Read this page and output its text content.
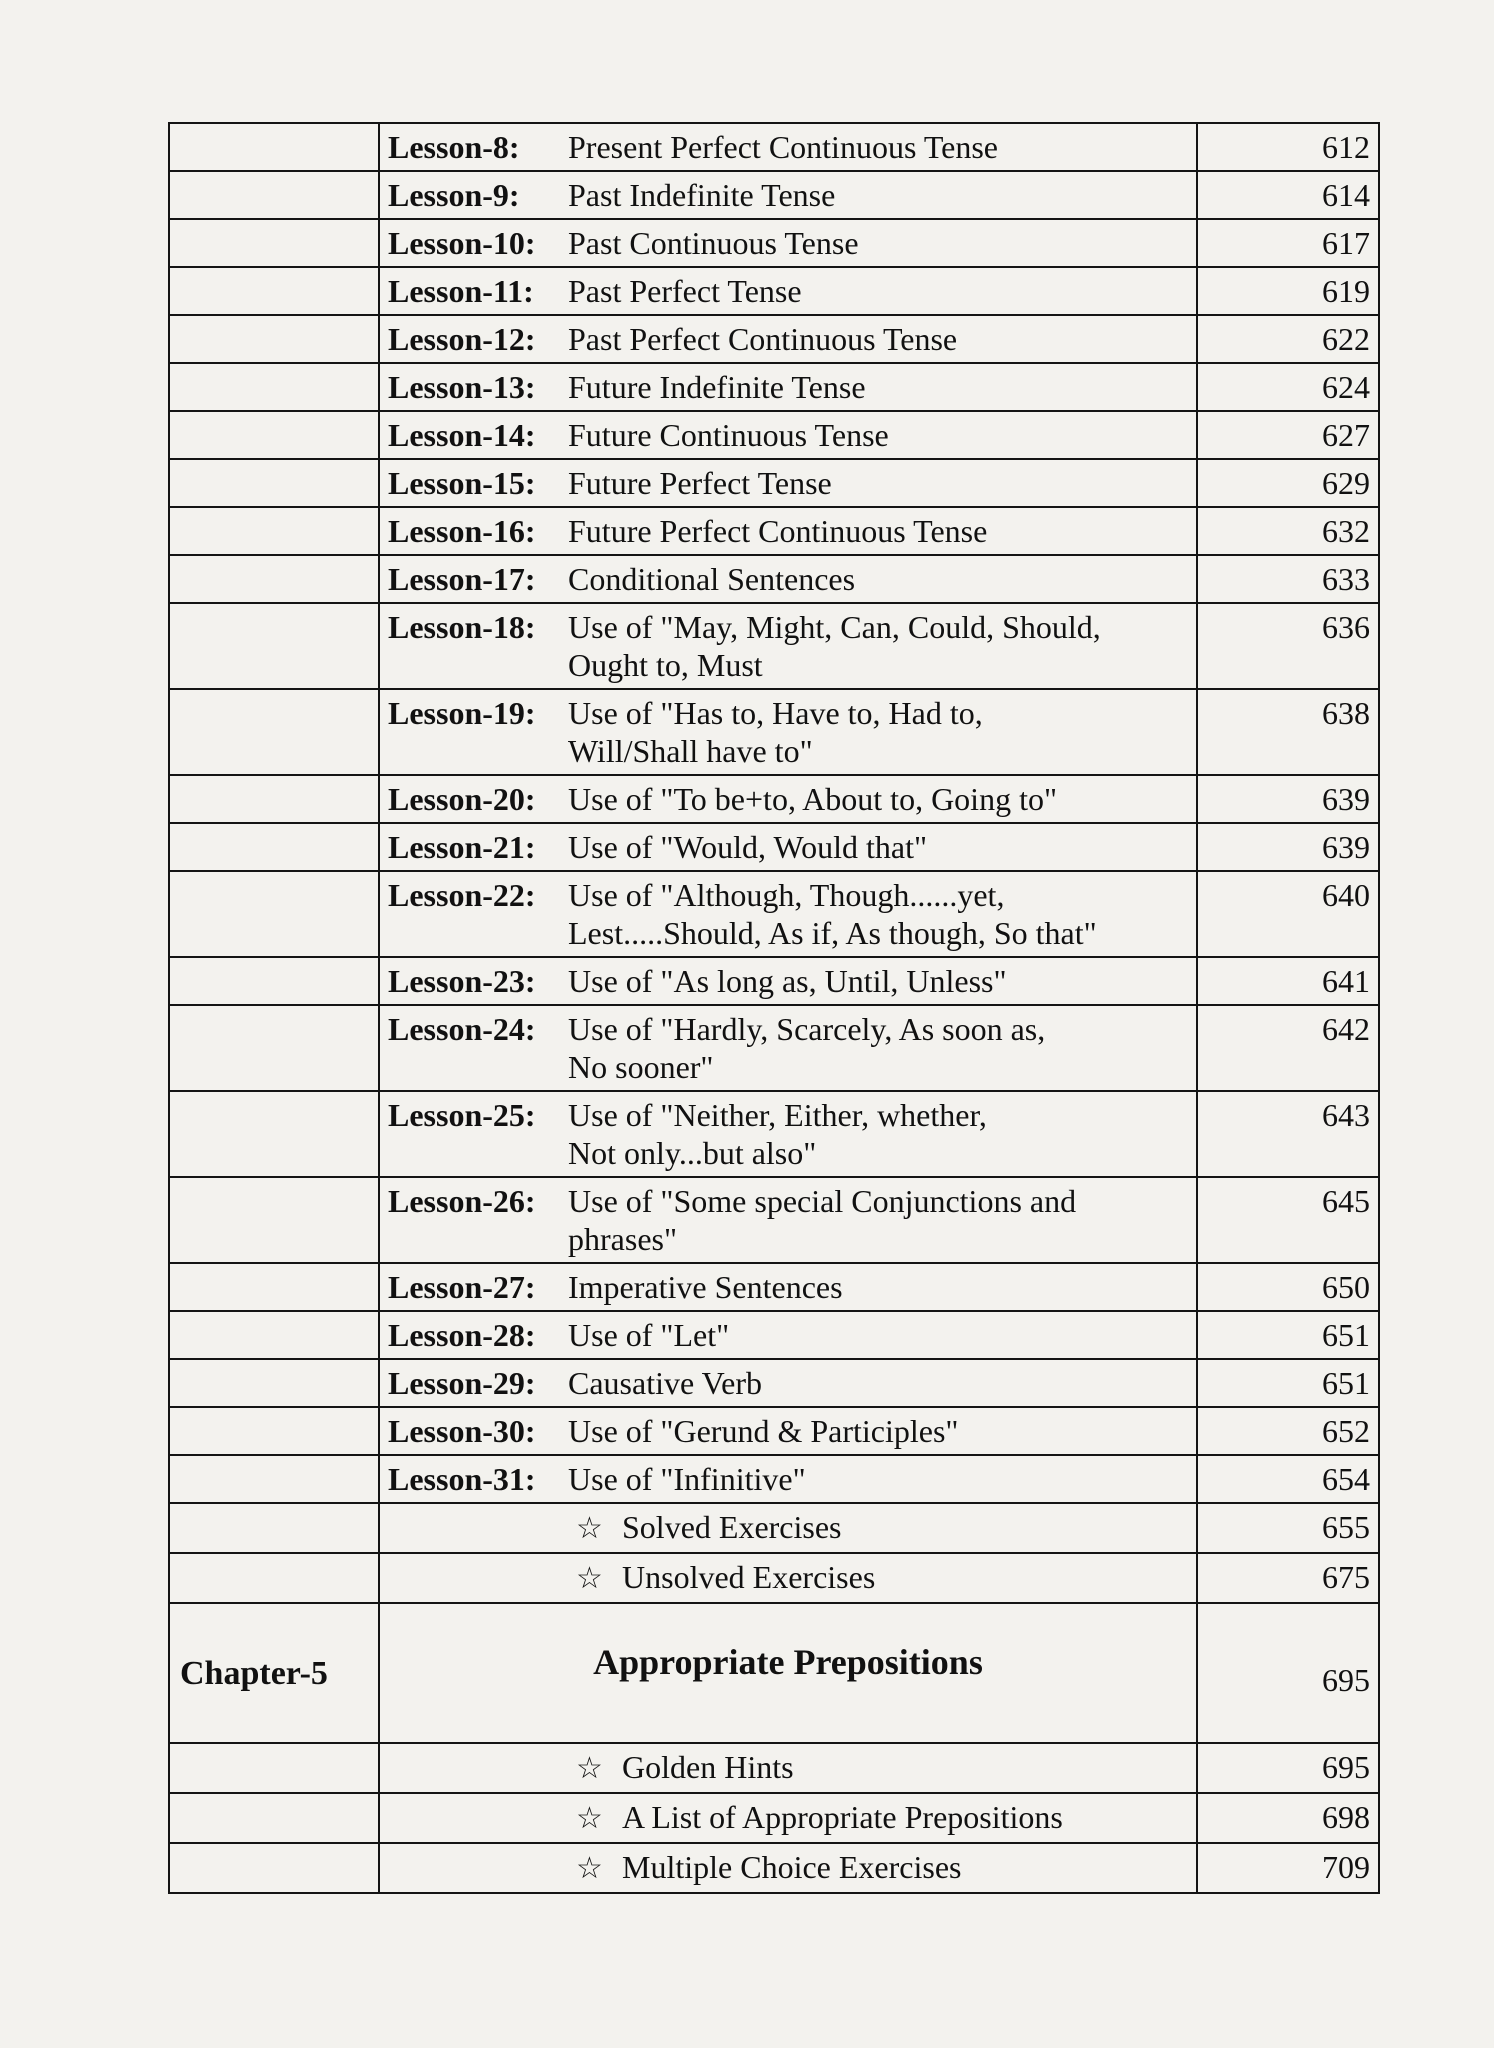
	Lesson-8: Present Perfect Continuous Tense	612

	Lesson-9: Past Indefinite Tense	614

	Lesson-10: Past Continuous Tense	617

	Lesson-11: Past Perfect Tense	619

	Lesson-12: Past Perfect Continuous Tense	622

	Lesson-13: Future Indefinite Tense	624

	Lesson-14: Future Continuous Tense	627

	Lesson-15: Future Perfect Tense	629

	Lesson-16: Future Perfect Continuous Tense	632

	Lesson-17: Conditional Sentences	633

	Lesson-18: Use of "May, Might, Can, Could, Should,
Ought to, Must	636

	Lesson-19: Use of "Has to, Have to, Had to,
Will/Shall have to"	638

	Lesson-20: Use of "To be+to, About to, Going to"	639

	Lesson-21: Use of "Would, Would that"	639

	Lesson-22: Use of "Although, Though......yet,
Lest.....Should, As if, As though, So that"	640

	Lesson-23: Use of "As long as, Until, Unless"	641

	Lesson-24: Use of "Hardly, Scarcely, As soon as,
No sooner"	642

	Lesson-25: Use of "Neither, Either, whether,
Not only...but also"	643

	Lesson-26: Use of "Some special Conjunctions and
phrases"	645

	Lesson-27: Imperative Sentences	650

	Lesson-28: Use of "Let"	651

	Lesson-29: Causative Verb	651

	Lesson-30: Use of "Gerund & Participles"	652

	Lesson-31: Use of "Infinitive"	654
	☆ Solved Exercises	655
	☆ Unsolved Exercises	675
Chapter-5	Appropriate Prepositions	695
	☆ Golden Hints	695
	☆ A List of Appropriate Prepositions	698
	☆ Multiple Choice Exercises	709
